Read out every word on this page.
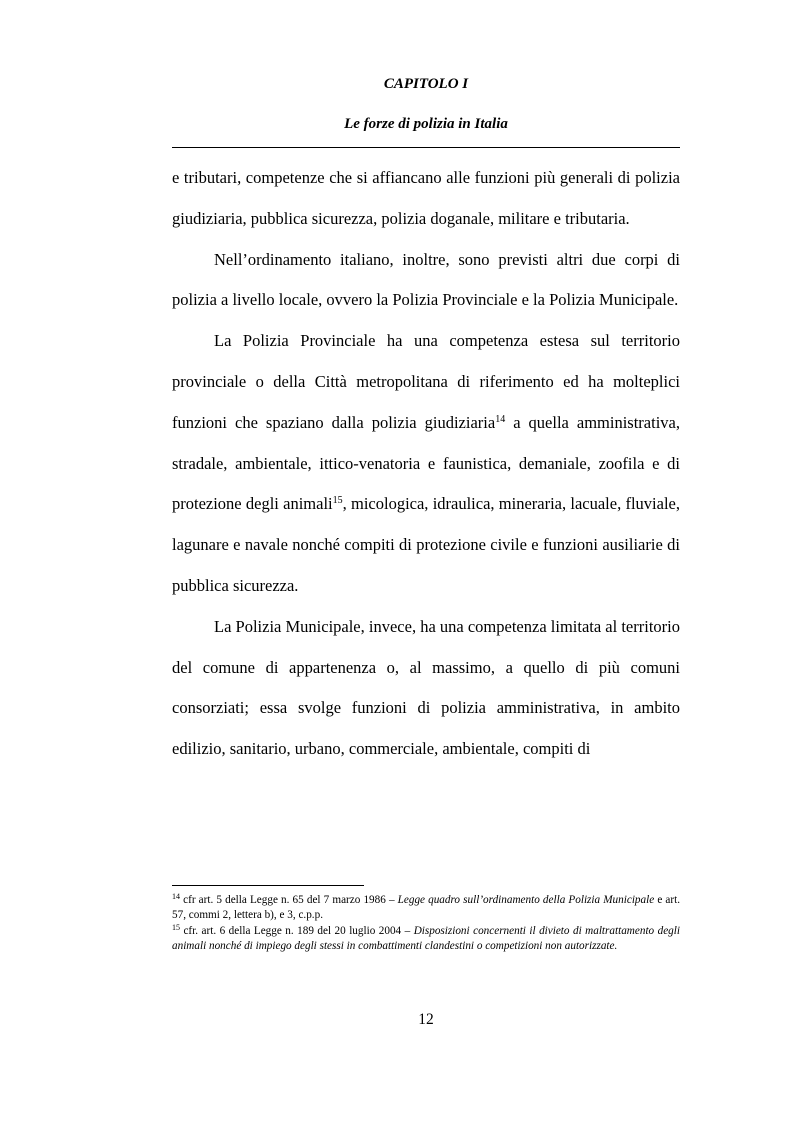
CAPITOLO I
Le forze di polizia in Italia

e tributari, competenze che si affiancano alle funzioni più generali di polizia giudiziaria, pubblica sicurezza, polizia doganale, militare e tributaria.

Nell’ordinamento italiano, inoltre, sono previsti altri due corpi di polizia a livello locale, ovvero la Polizia Provinciale e la Polizia Municipale.

La Polizia Provinciale ha una competenza estesa sul territorio provinciale o della Città metropolitana di riferimento ed ha molteplici funzioni che spaziano dalla polizia giudiziaria$^{14}$ a quella amministrativa, stradale, ambientale, ittico-venatoria e faunistica, demaniale, zoofila e di protezione degli animali$^{15}$, micologica, idraulica, mineraria, lacuale, fluviale, lagunare e navale nonché compiti di protezione civile e funzioni ausiliarie di pubblica sicurezza.

La Polizia Municipale, invece, ha una competenza limitata al territorio del comune di appartenenza o, al massimo, a quello di più comuni consorziati; essa svolge funzioni di polizia amministrativa, in ambito edilizio, sanitario, urbano, commerciale, ambientale, compiti di

$^{14}$ cfr art. 5 della Legge n. 65 del 7 marzo 1986 – Legge quadro sull’ordinamento della Polizia Municipale e art. 57, commi 2, lettera b), e 3, c.p.p.

$^{15}$ cfr. art. 6 della Legge n. 189 del 20 luglio 2004 – Disposizioni concernenti il divieto di maltrattamento degli animali nonché di impiego degli stessi in combattimenti clandestini o competizioni non autorizzate.

12
